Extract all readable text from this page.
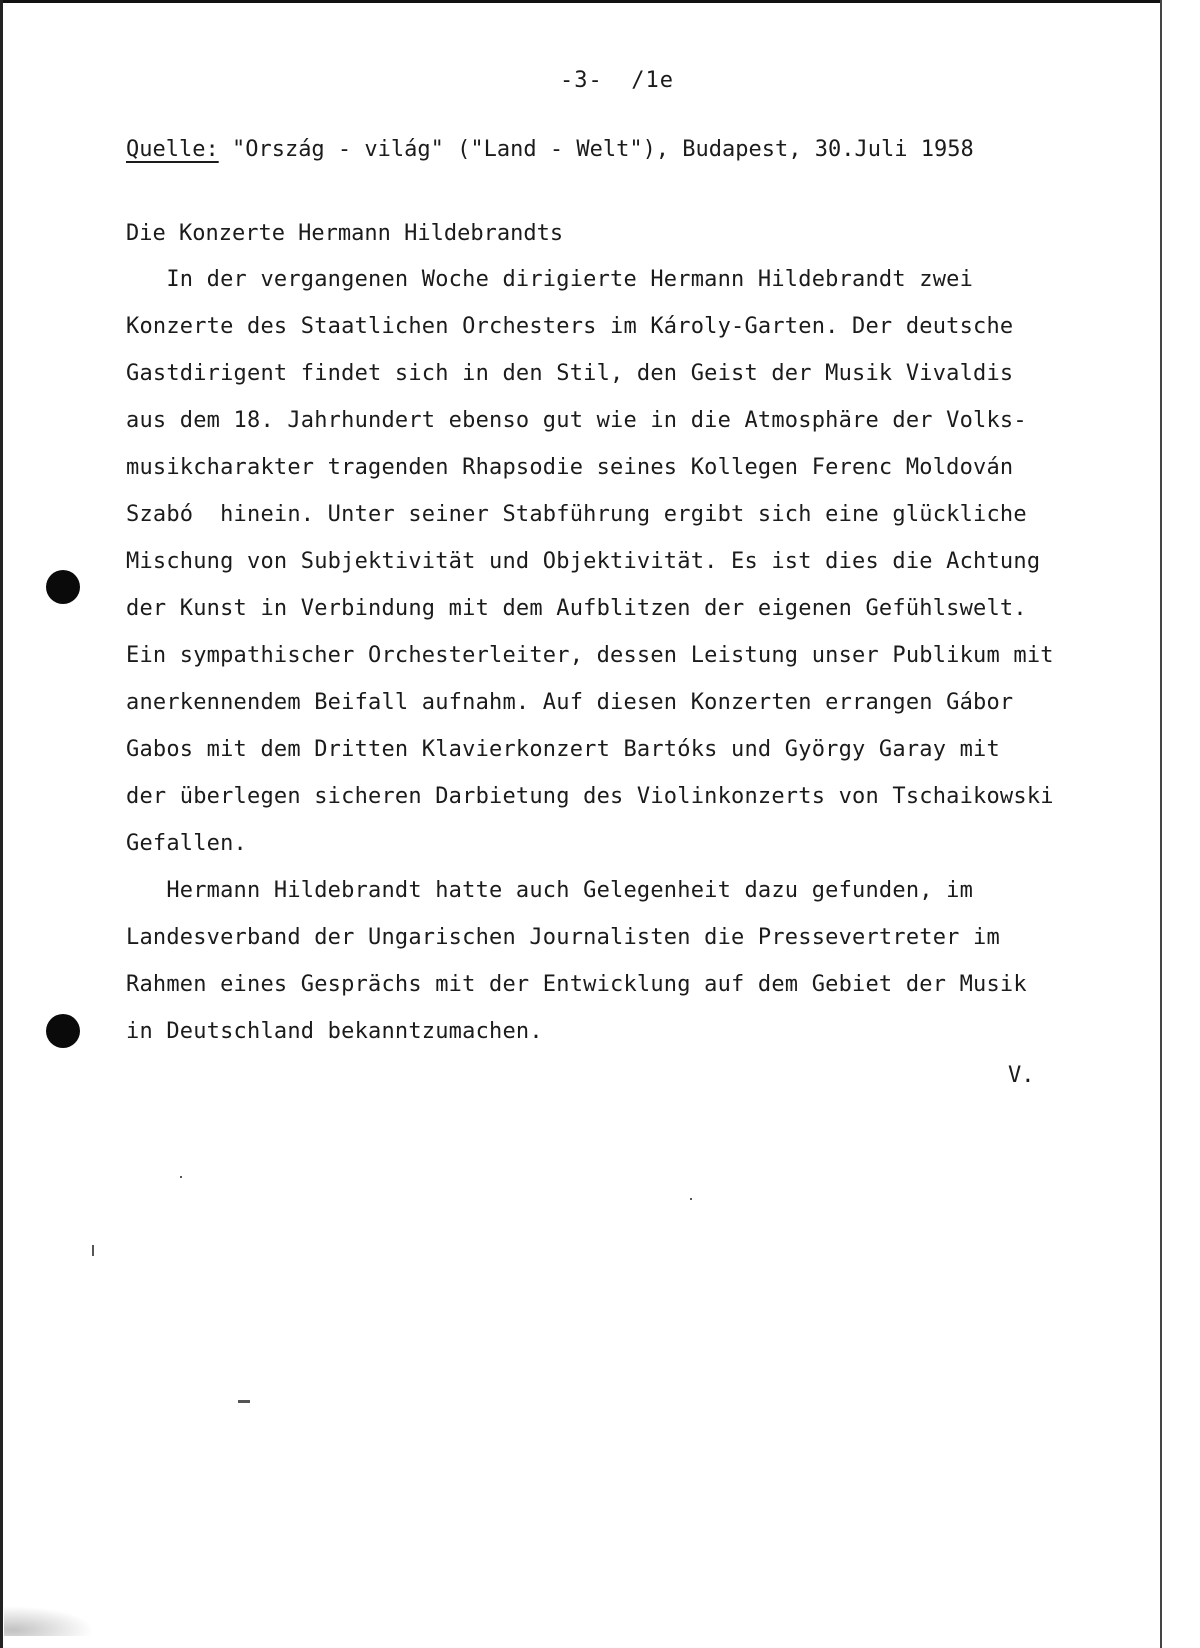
-3-  /1e
Quelle: "Ország - világ" ("Land - Welt"), Budapest, 30.Juli 1958
Die Konzerte Hermann Hildebrandts
In der vergangenen Woche dirigierte Hermann Hildebrandt zwei
Konzerte des Staatlichen Orchesters im Károly-Garten. Der deutsche
Gastdirigent findet sich in den Stil, den Geist der Musik Vivaldis
aus dem 18. Jahrhundert ebenso gut wie in die Atmosphäre der Volks-
musikcharakter tragenden Rhapsodie seines Kollegen Ferenc Moldován
Szabó  hinein. Unter seiner Stabführung ergibt sich eine glückliche
Mischung von Subjektivität und Objektivität. Es ist dies die Achtung
der Kunst in Verbindung mit dem Aufblitzen der eigenen Gefühlswelt.
Ein sympathischer Orchesterleiter, dessen Leistung unser Publikum mit
anerkennendem Beifall aufnahm. Auf diesen Konzerten errangen Gábor
Gabos mit dem Dritten Klavierkonzert Bartóks und György Garay mit
der überlegen sicheren Darbietung des Violinkonzerts von Tschaikowski
Gefallen.
Hermann Hildebrandt hatte auch Gelegenheit dazu gefunden, im
Landesverband der Ungarischen Journalisten die Pressevertreter im
Rahmen eines Gesprächs mit der Entwicklung auf dem Gebiet der Musik
in Deutschland bekanntzumachen.
V.
